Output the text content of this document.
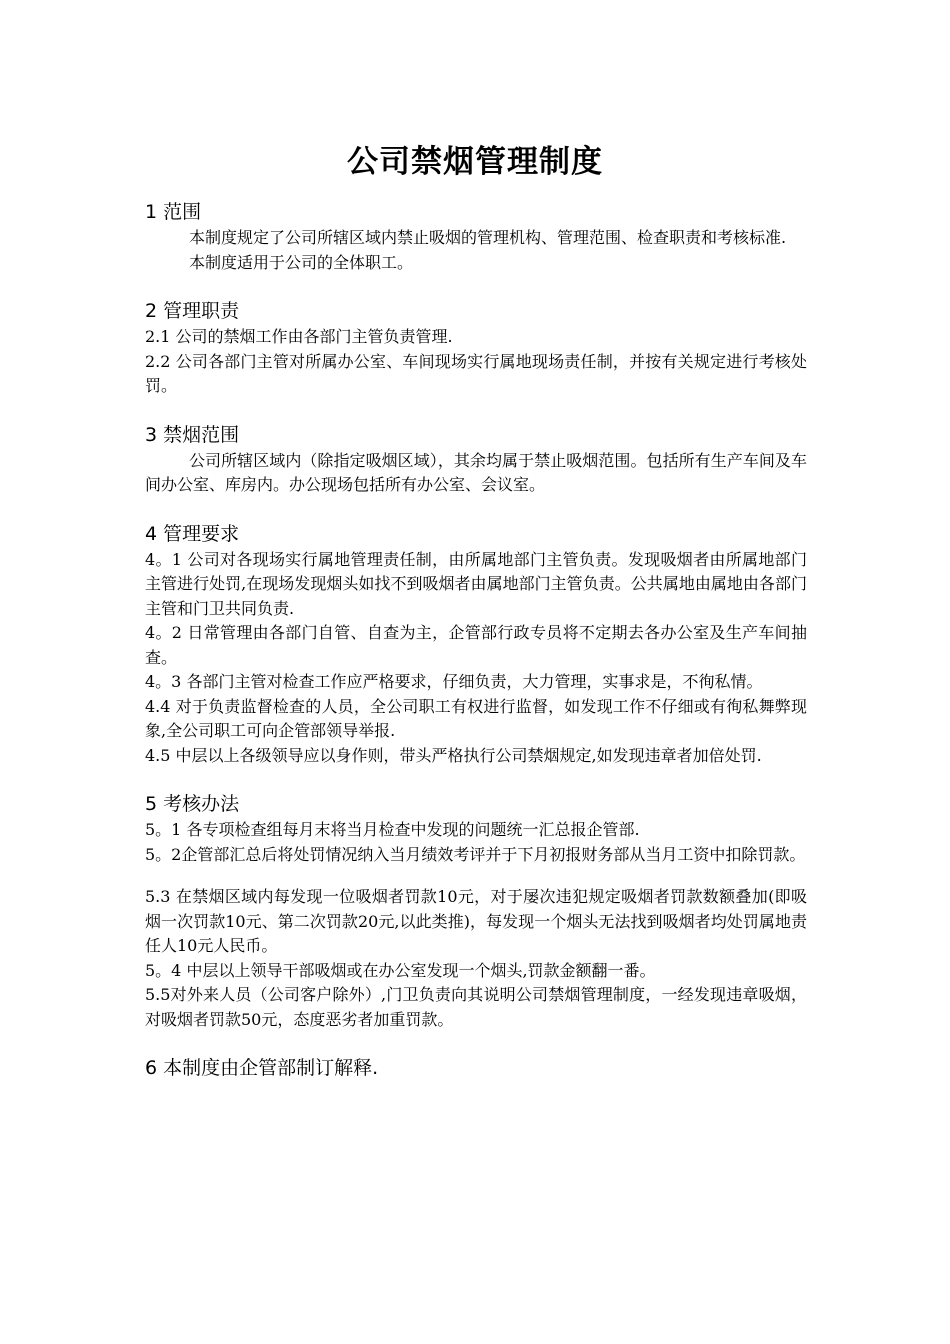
公司禁烟管理制度

1 范围

本制度规定了公司所辖区域内禁止吸烟的管理机构、管理范围、检查职责和考核标准.

本制度适用于公司的全体职工。

2 管理职责

2.1 公司的禁烟工作由各部门主管负责管理.

2.2 公司各部门主管对所属办公室、车间现场实行属地现场责任制，并按有关规定进行考核处罚。

3 禁烟范围

公司所辖区域内（除指定吸烟区域），其余均属于禁止吸烟范围。包括所有生产车间及车间办公室、库房内。办公现场包括所有办公室、会议室。

4 管理要求

4。1 公司对各现场实行属地管理责任制，由所属地部门主管负责。发现吸烟者由所属地部门主管进行处罚,在现场发现烟头如找不到吸烟者由属地部门主管负责。公共属地由属地由各部门主管和门卫共同负责.

4。2 日常管理由各部门自管、自查为主，企管部行政专员将不定期去各办公室及生产车间抽查。

4。3 各部门主管对检查工作应严格要求，仔细负责，大力管理，实事求是，不徇私情。

4.4 对于负责监督检查的人员，全公司职工有权进行监督，如发现工作不仔细或有徇私舞弊现象,全公司职工可向企管部领导举报.

4.5 中层以上各级领导应以身作则，带头严格执行公司禁烟规定,如发现违章者加倍处罚.

5 考核办法

5。1 各专项检查组每月末将当月检查中发现的问题统一汇总报企管部.

5。2企管部汇总后将处罚情况纳入当月绩效考评并于下月初报财务部从当月工资中扣除罚款。

5.3 在禁烟区域内每发现一位吸烟者罚款10元，对于屡次违犯规定吸烟者罚款数额叠加(即吸烟一次罚款10元、第二次罚款20元,以此类推)，每发现一个烟头无法找到吸烟者均处罚属地责任人10元人民币。

5。4 中层以上领导干部吸烟或在办公室发现一个烟头,罚款金额翻一番。

5.5对外来人员（公司客户除外）,门卫负责向其说明公司禁烟管理制度，一经发现违章吸烟，对吸烟者罚款50元，态度恶劣者加重罚款。

6 本制度由企管部制订解释.
